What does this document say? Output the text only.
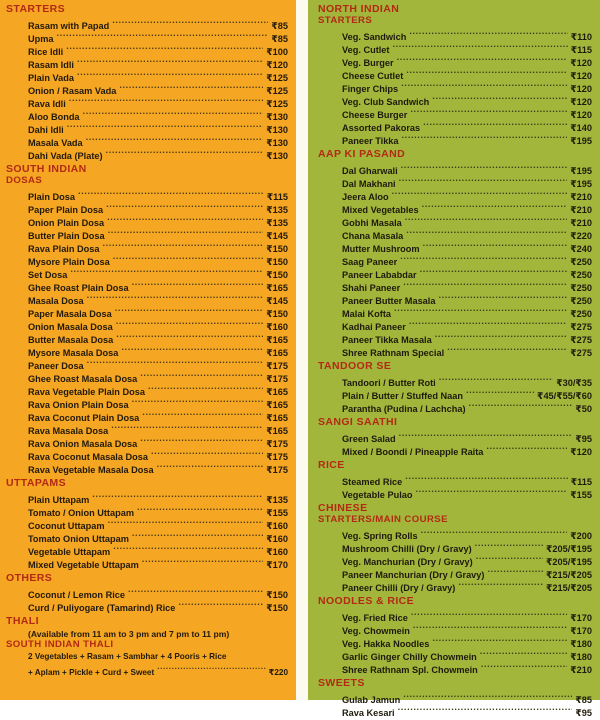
STARTERS
Rasam with Papad .....	₹85
Upma .....	₹85
Rice Idli .....	₹100
Rasam Idli .....	₹120
Plain Vada .....	₹125
Onion / Rasam Vada .....	₹125
Rava Idli .....	₹125
Aloo Bonda .....	₹130
Dahi Idli .....	₹130
Masala Vada .....	₹130
Dahi Vada (Plate) .....	₹130
SOUTH INDIAN
DOSAS
Plain Dosa .....	₹115
Paper Plain Dosa .....	₹135
Onion Plain Dosa .....	₹135
Butter Plain Dosa .....	₹145
Rava Plain Dosa .....	₹150
Mysore Plain Dosa .....	₹150
Set Dosa .....	₹150
Ghee Roast Plain Dosa .....	₹165
Masala Dosa .....	₹145
Paper Masala Dosa .....	₹150
Onion Masala Dosa .....	₹160
Butter Masala Dosa .....	₹165
Mysore Masala Dosa .....	₹165
Paneer Dosa .....	₹175
Ghee Roast Masala Dosa .....	₹175
Rava Vegetable Plain Dosa .....	₹165
Rava Onion Plain Dosa .....	₹165
Rava Coconut Plain Dosa .....	₹165
Rava Masala Dosa .....	₹165
Rava Onion Masala Dosa .....	₹175
Rava Coconut Masala Dosa .....	₹175
Rava Vegetable Masala Dosa .....	₹175
UTTAPAMS
Plain Uttapam .....	₹135
Tomato / Onion Uttapam .....	₹155
Coconut Uttapam .....	₹160
Tomato Onion Uttapam .....	₹160
Vegetable Uttapam .....	₹160
Mixed Vegetable Uttapam .....	₹170
OTHERS
Coconut / Lemon Rice .....	₹150
Curd / Puliyogare (Tamarind) Rice .....	₹150
THALI
(Available from 11 am to 3 pm and 7 pm to 11 pm)
SOUTH INDIAN THALI
2 Vegetables + Rasam + Sambhar + 4 Pooris + Rice
+ Aplam + Pickle + Curd + Sweet .....	₹220
NORTH INDIAN
STARTERS
Veg. Sandwich .....	₹110
Veg. Cutlet .....	₹115
Veg. Burger .....	₹120
Cheese Cutlet .....	₹120
Finger Chips .....	₹120
Veg. Club Sandwich .....	₹120
Cheese Burger .....	₹120
Assorted Pakoras .....	₹140
Paneer Tikka .....	₹195
AAP KI PASAND
Dal Gharwali .....	₹195
Dal Makhani .....	₹195
Jeera Aloo .....	₹210
Mixed Vegetables .....	₹210
Gobhi Masala .....	₹210
Chana Masala .....	₹220
Mutter Mushroom .....	₹240
Saag Paneer .....	₹250
Paneer Lababdar .....	₹250
Shahi Paneer .....	₹250
Paneer Butter Masala .....	₹250
Malai Kofta .....	₹250
Kadhai Paneer .....	₹275
Paneer Tikka Masala .....	₹275
Shree Rathnam Special .....	₹275
TANDOOR SE
Tandoori / Butter Roti .....	₹30/₹35
Plain / Butter / Stuffed Naan .....	₹45/₹55/₹60
Parantha (Pudina / Lachcha) .....	₹50
SANGI SAATHI
Green Salad .....	₹95
Mixed / Boondi / Pineapple Raita .....	₹120
RICE
Steamed Rice .....	₹115
Vegetable Pulao .....	₹155
CHINESE
STARTERS/MAIN COURSE
Veg. Spring Rolls .....	₹200
Mushroom Chilli (Dry / Gravy) .....	₹205/₹195
Veg. Manchurian (Dry / Gravy) .....	₹205/₹195
Paneer Manchurian (Dry / Gravy) .....	₹215/₹205
Paneer Chilli (Dry / Gravy) .....	₹215/₹205
NOODLES & RICE
Veg. Fried Rice .....	₹170
Veg. Chowmein .....	₹170
Veg. Hakka Noodles .....	₹180
Garlic Ginger Chilly Chowmein .....	₹180
Shree Rathnam Spl. Chowmein .....	₹210
SWEETS
Gulab Jamun .....	₹85
Rava Kesari .....	₹95
